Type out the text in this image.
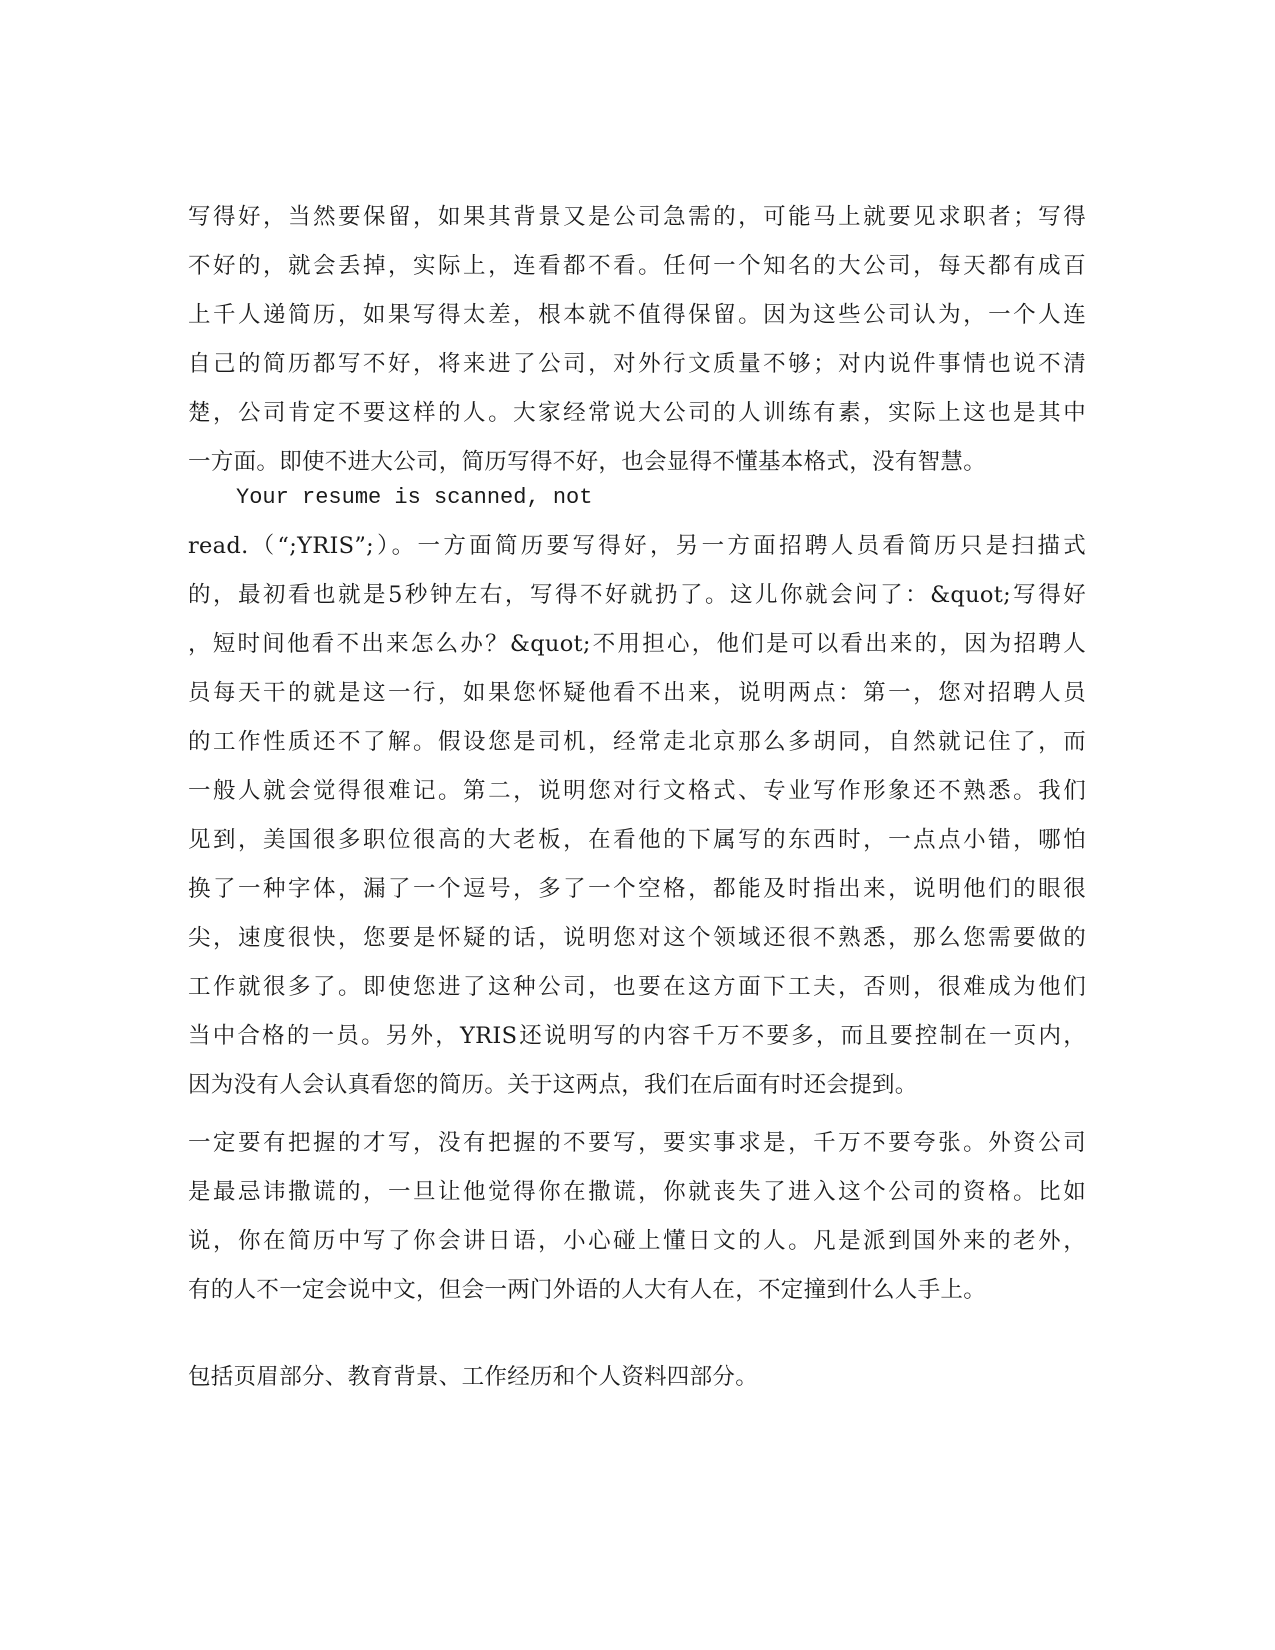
写得好，当然要保留，如果其背景又是公司急需的，可能马上就要见求职者；写得
不好的，就会丢掉，实际上，连看都不看。任何一个知名的大公司，每天都有成百
上千人递简历，如果写得太差，根本就不值得保留。因为这些公司认为，一个人连
自己的简历都写不好，将来进了公司，对外行文质量不够；对内说件事情也说不清
楚，公司肯定不要这样的人。大家经常说大公司的人训练有素，实际上这也是其中
一方面。即使不进大公司，简历写得不好，也会显得不懂基本格式，没有智慧。
Your resume is scanned, not
read.（“;YRIS”;）。一方面简历要写得好，另一方面招聘人员看简历只是扫描式
的，最初看也就是5秒钟左右，写得不好就扔了。这儿你就会问了：&quot;写得好
，短时间他看不出来怎么办？&quot;不用担心，他们是可以看出来的，因为招聘人
员每天干的就是这一行，如果您怀疑他看不出来，说明两点：第一，您对招聘人员
的工作性质还不了解。假设您是司机，经常走北京那么多胡同，自然就记住了，而
一般人就会觉得很难记。第二，说明您对行文格式、专业写作形象还不熟悉。我们
见到，美国很多职位很高的大老板，在看他的下属写的东西时，一点点小错，哪怕
换了一种字体，漏了一个逗号，多了一个空格，都能及时指出来，说明他们的眼很
尖，速度很快，您要是怀疑的话，说明您对这个领域还很不熟悉，那么您需要做的
工作就很多了。即使您进了这种公司，也要在这方面下工夫，否则，很难成为他们
当中合格的一员。另外，YRIS还说明写的内容千万不要多，而且要控制在一页内，
因为没有人会认真看您的简历。关于这两点，我们在后面有时还会提到。
一定要有把握的才写，没有把握的不要写，要实事求是，千万不要夸张。外资公司
是最忌讳撒谎的，一旦让他觉得你在撒谎，你就丧失了进入这个公司的资格。比如
说，你在简历中写了你会讲日语，小心碰上懂日文的人。凡是派到国外来的老外，
有的人不一定会说中文，但会一两门外语的人大有人在，不定撞到什么人手上。
包括页眉部分、教育背景、工作经历和个人资料四部分。
